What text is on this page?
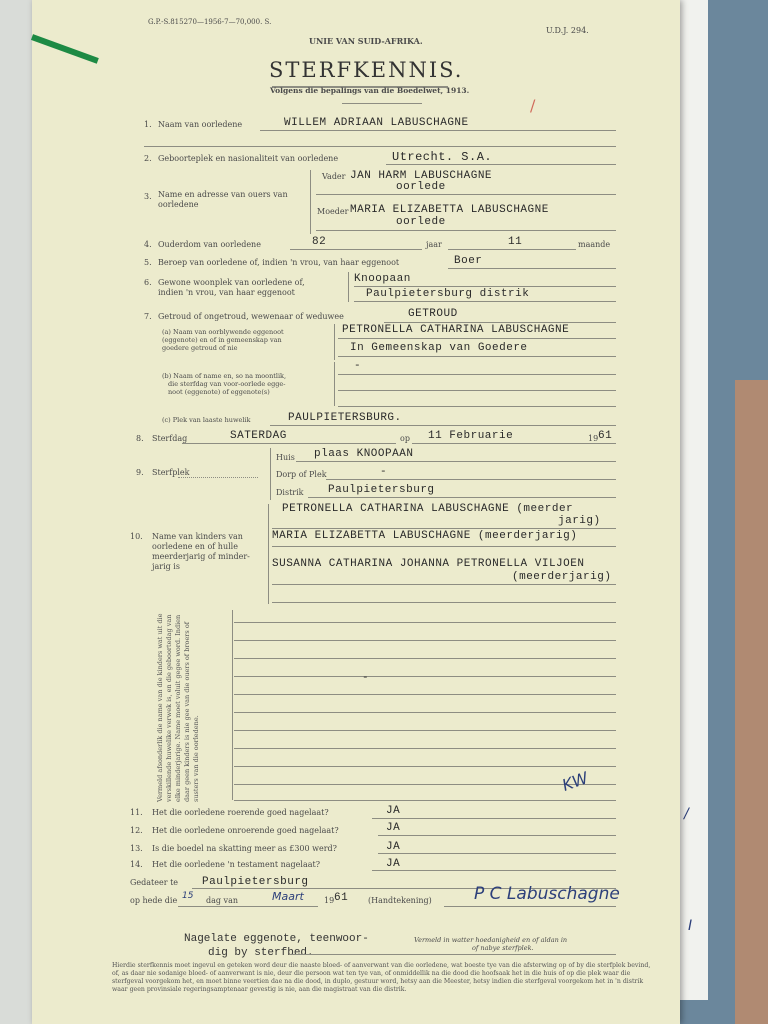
/
I
G.P.-S.815270—1956-7—70,000. S.
UNIE VAN SUID-AFRIKA.
U.D.J. 294.
STERFKENNIS.
Volgens die bepalings van die Boedelwet, 1913.
1. Naam van oorledene	WILLEM ADRIAAN LABUSCHAGNE
2. Geboorteplek en nasionaliteit van oorledene	Utrecht. S.A.
3. Name en adresse van ouers van oorledene
Vader JAN HARM LABUSCHAGNE
oorlede
Moeder MARIA ELIZABETTA LABUSCHAGNE
oorlede
4. Ouderdom van oorledene	82	jaar	11	maande
5. Beroep van oorledene of, indien 'n vrou, van haar eggenoot	Boer
6. Gewone woonplek van oorledene of,
indien 'n vrou, van haar eggenoot
Knoopaan
Paulpietersburg distrik
7. Getroud of ongetroud, wewenaar of weduwee	GETROUD
(a) Naam van oorblywende eggenoot
(eggenote) en of in gemeenskap van
goedere getroud of nie
PETRONELLA CATHARINA LABUSCHAGNE
In Gemeenskap van Goedere
(b) Naam of name en, so na moontlik,
die sterfdag van voor-oorlede egge-
noot (eggenote) of eggenote(s)
-
(c) Plek van laaste huwelik	PAULPIETERSBURG.
8. Sterfdag	SATERDAG	op 11 Februarie	19 61
9. Sterfplek
Huis plaas KNOOPAAN
Dorp of Plek	-
Distrik Paulpietersburg
10. Name van kinders van
oorledene en of hulle
meerderjarig of minder-
jarig is
PETRONELLA CATHARINA LABUSCHAGNE (meerder
jarig)
MARIA ELIZABETTA LABUSCHAGNE (meerderjarig)
SUSANNA CATHARINA JOHANNA PETRONELLA VILJOEN
(meerderjarig)
Vermeld afsonderlik die name van die kinders wat uit die verskillende huwelike verwek is, en die geboortedag van elke minderjarige. Name moet voluit gegee word. Indien daar geen kinders is nie gee van die ouers of broers of susters van die oorledene.
-
11. Het die oorledene roerende goed nagelaat?	JA
12. Het die oorledene onroerende goed nagelaat?	JA
13. Is die boedel na skatting meer as £300 werd?	JA
14. Het die oorledene 'n testament nagelaat?	JA
KW
Gedateer te Paulpietersburg
op hede die 15 dag van	Maart	19 61 (Handtekening) P C Labuschagne
Nagelate eggenote, teenwoor-
dig by sterfbed.
Vermeld in watter hoedanigheid en of aldan in
of nabye sterfplek.
Hierdie sterfkennis moet ingevul en geteken word deur die naaste bloed- of aanverwant van die oorledene, wat boeste tye van die afsterwing op of by die sterfplek bevind, of, as daar nie sodanige bloed- of aanverwant is nie, deur die persoon wat ten tye van, of onmiddellik na die dood die hoofsaak het in die huis of op die plek waar die sterfgeval voorgekom het, en moet binne veertien dae na die dood, in duplo, gestuur word, hetsy aan die Meester, hetsy indien die sterfgeval voorgekom het in 'n distrik waar geen provinsiale regeringsamptenaar gevestig is nie, aan die magistraat van die distrik.
/
